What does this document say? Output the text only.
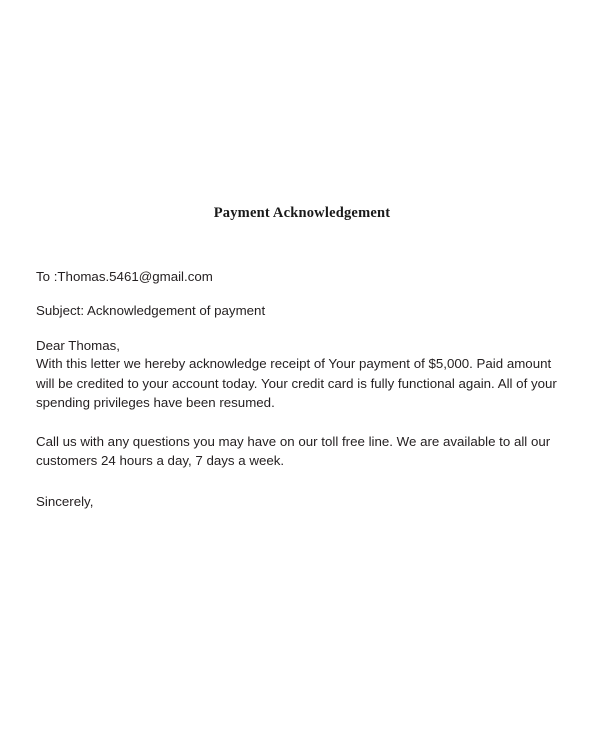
Payment Acknowledgement
To :Thomas.5461@gmail.com
Subject: Acknowledgement of payment
Dear Thomas,
With this letter we hereby acknowledge receipt of Your payment of $5,000. Paid amount will be credited to your account today. Your credit card is fully functional again. All of your spending privileges have been resumed.
Call us with any questions you may have on our toll free line. We are available to all our customers 24 hours a day, 7 days a week.
Sincerely,
